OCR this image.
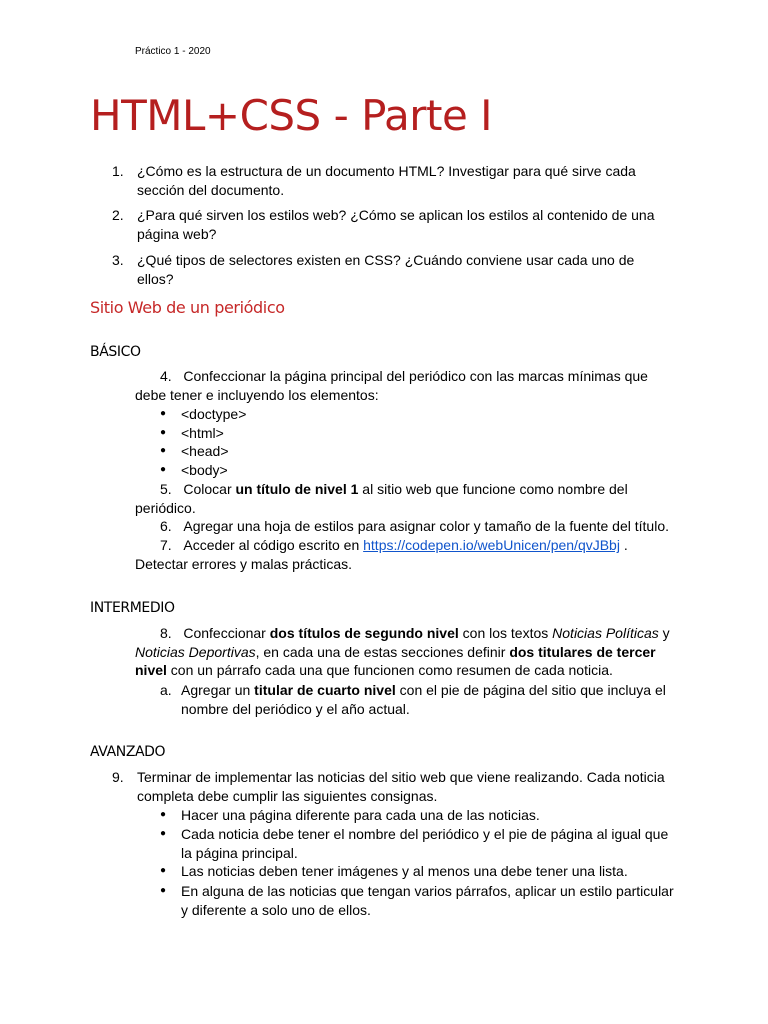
Práctico 1 - 2020
HTML+CSS - Parte I
1. ¿Cómo es la estructura de un documento HTML? Investigar para qué sirve cada sección del documento.
2. ¿Para qué sirven los estilos web? ¿Cómo se aplican los estilos al contenido de una página web?
3. ¿Qué tipos de selectores existen en CSS? ¿Cuándo conviene usar cada uno de ellos?
Sitio Web de un periódico
BÁSICO
4. Confeccionar la página principal del periódico con las marcas mínimas que debe tener e incluyendo los elementos:
● <doctype>
● <html>
● <head>
● <body>
5. Colocar un título de nivel 1 al sitio web que funcione como nombre del periódico.
6. Agregar una hoja de estilos para asignar color y tamaño de la fuente del título.
7. Acceder al código escrito en https://codepen.io/webUnicen/pen/qvJBbj . Detectar errores y malas prácticas.
INTERMEDIO
8. Confeccionar dos títulos de segundo nivel con los textos Noticias Políticas y Noticias Deportivas, en cada una de estas secciones definir dos titulares de tercer nivel con un párrafo cada una que funcionen como resumen de cada noticia.
a. Agregar un titular de cuarto nivel con el pie de página del sitio que incluya el nombre del periódico y el año actual.
AVANZADO
9. Terminar de implementar las noticias del sitio web que viene realizando. Cada noticia completa debe cumplir las siguientes consignas.
● Hacer una página diferente para cada una de las noticias.
● Cada noticia debe tener el nombre del periódico y el pie de página al igual que la página principal.
● Las noticias deben tener imágenes y al menos una debe tener una lista.
● En alguna de las noticias que tengan varios párrafos, aplicar un estilo particular y diferente a solo uno de ellos.
